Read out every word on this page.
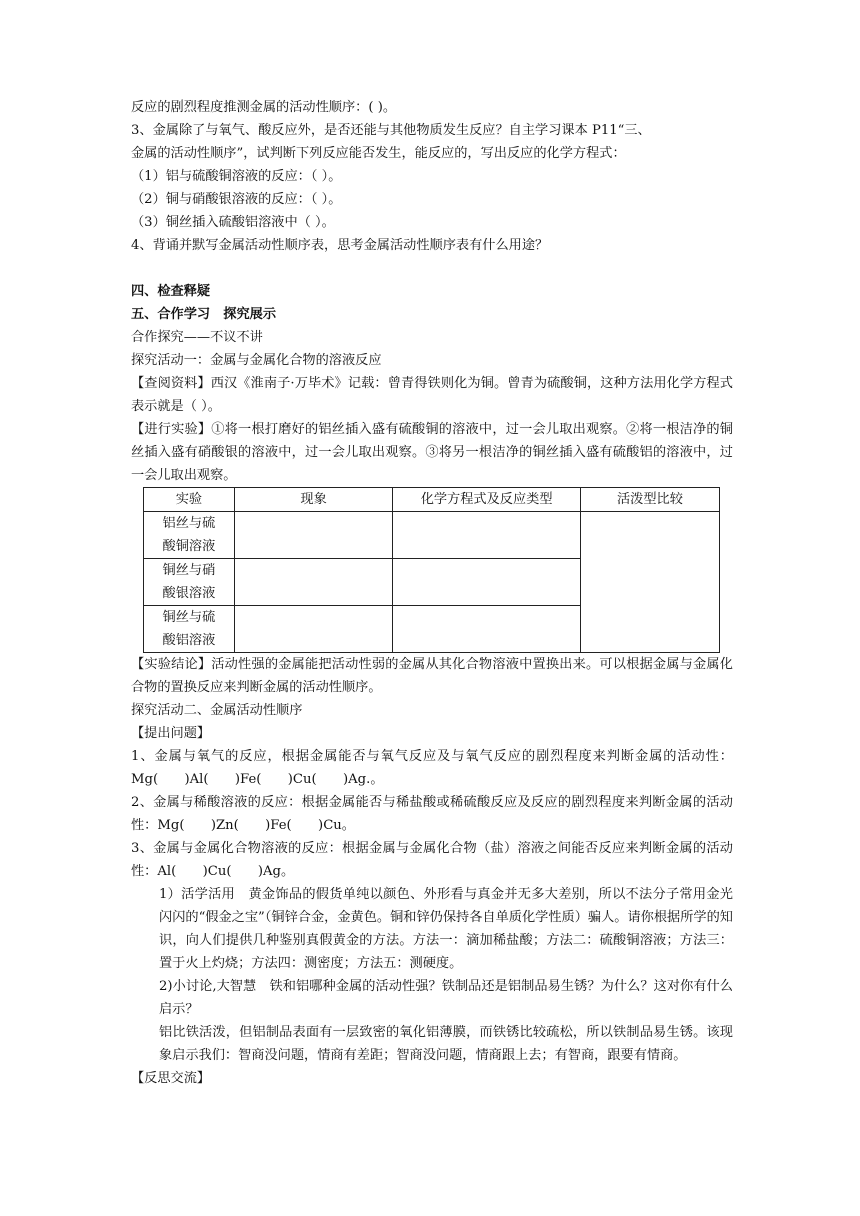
反应的剧烈程度推测金属的活动性顺序：( )。
3、金属除了与氧气、酸反应外，是否还能与其他物质发生反应？自主学习课本 P11“三、
金属的活动性顺序”，试判断下列反应能否发生，能反应的，写出反应的化学方程式：
（1）铝与硫酸铜溶液的反应：（ ）。
（2）铜与硝酸银溶液的反应：（ ）。
（3）铜丝插入硫酸铝溶液中（ ）。
4、背诵并默写金属活动性顺序表，思考金属活动性顺序表有什么用途？
四、检查释疑
五、合作学习　探究展示
合作探究——不议不讲
探究活动一：金属与金属化合物的溶液反应
【查阅资料】西汉《淮南子·万毕术》记载：曾青得铁则化为铜。曾青为硫酸铜，这种方法用化学方程式表示就是（ ）。
【进行实验】①将一根打磨好的铝丝插入盛有硫酸铜的溶液中，过一会儿取出观察。②将一根洁净的铜丝插入盛有硝酸银的溶液中，过一会儿取出观察。③将另一根洁净的铜丝插入盛有硫酸铝的溶液中，过一会儿取出观察。
实验	现象	化学方程式及反应类型	活泼型比较

铝丝与硫
酸铜溶液			

铜丝与硝
酸银溶液			

铜丝与硫
酸铝溶液			

【实验结论】活动性强的金属能把活动性弱的金属从其化合物溶液中置换出来。可以根据金属与金属化合物的置换反应来判断金属的活动性顺序。
探究活动二、金属活动性顺序
【提出问题】
1、金属与氧气的反应，根据金属能否与氧气反应及与氧气反应的剧烈程度来判断金属的活动性：Mg(　　)Al(　　)Fe(　　)Cu(　　)Ag.。
2、金属与稀酸溶液的反应：根据金属能否与稀盐酸或稀硫酸反应及反应的剧烈程度来判断金属的活动性：Mg(　　)Zn(　　)Fe(　　)Cu。
3、金属与金属化合物溶液的反应：根据金属与金属化合物（盐）溶液之间能否反应来判断金属的活动性：Al(　　)Cu(　　)Ag。
1）活学活用　黄金饰品的假货单纯以颜色、外形看与真金并无多大差别，所以不法分子常用金光闪闪的“假金之宝”（铜锌合金，金黄色。铜和锌仍保持各自单质化学性质）骗人。请你根据所学的知识，向人们提供几种鉴别真假黄金的方法。方法一：滴加稀盐酸；方法二：硫酸铜溶液；方法三：置于火上灼烧；方法四：测密度；方法五：测硬度。
2)小讨论,大智慧　铁和铝哪种金属的活动性强？铁制品还是铝制品易生锈？为什么？这对你有什么启示？
铝比铁活泼，但铝制品表面有一层致密的氧化铝薄膜，而铁锈比较疏松，所以铁制品易生锈。该现象启示我们：智商没问题，情商有差距；智商没问题，情商跟上去；有智商，跟要有情商。
【反思交流】
